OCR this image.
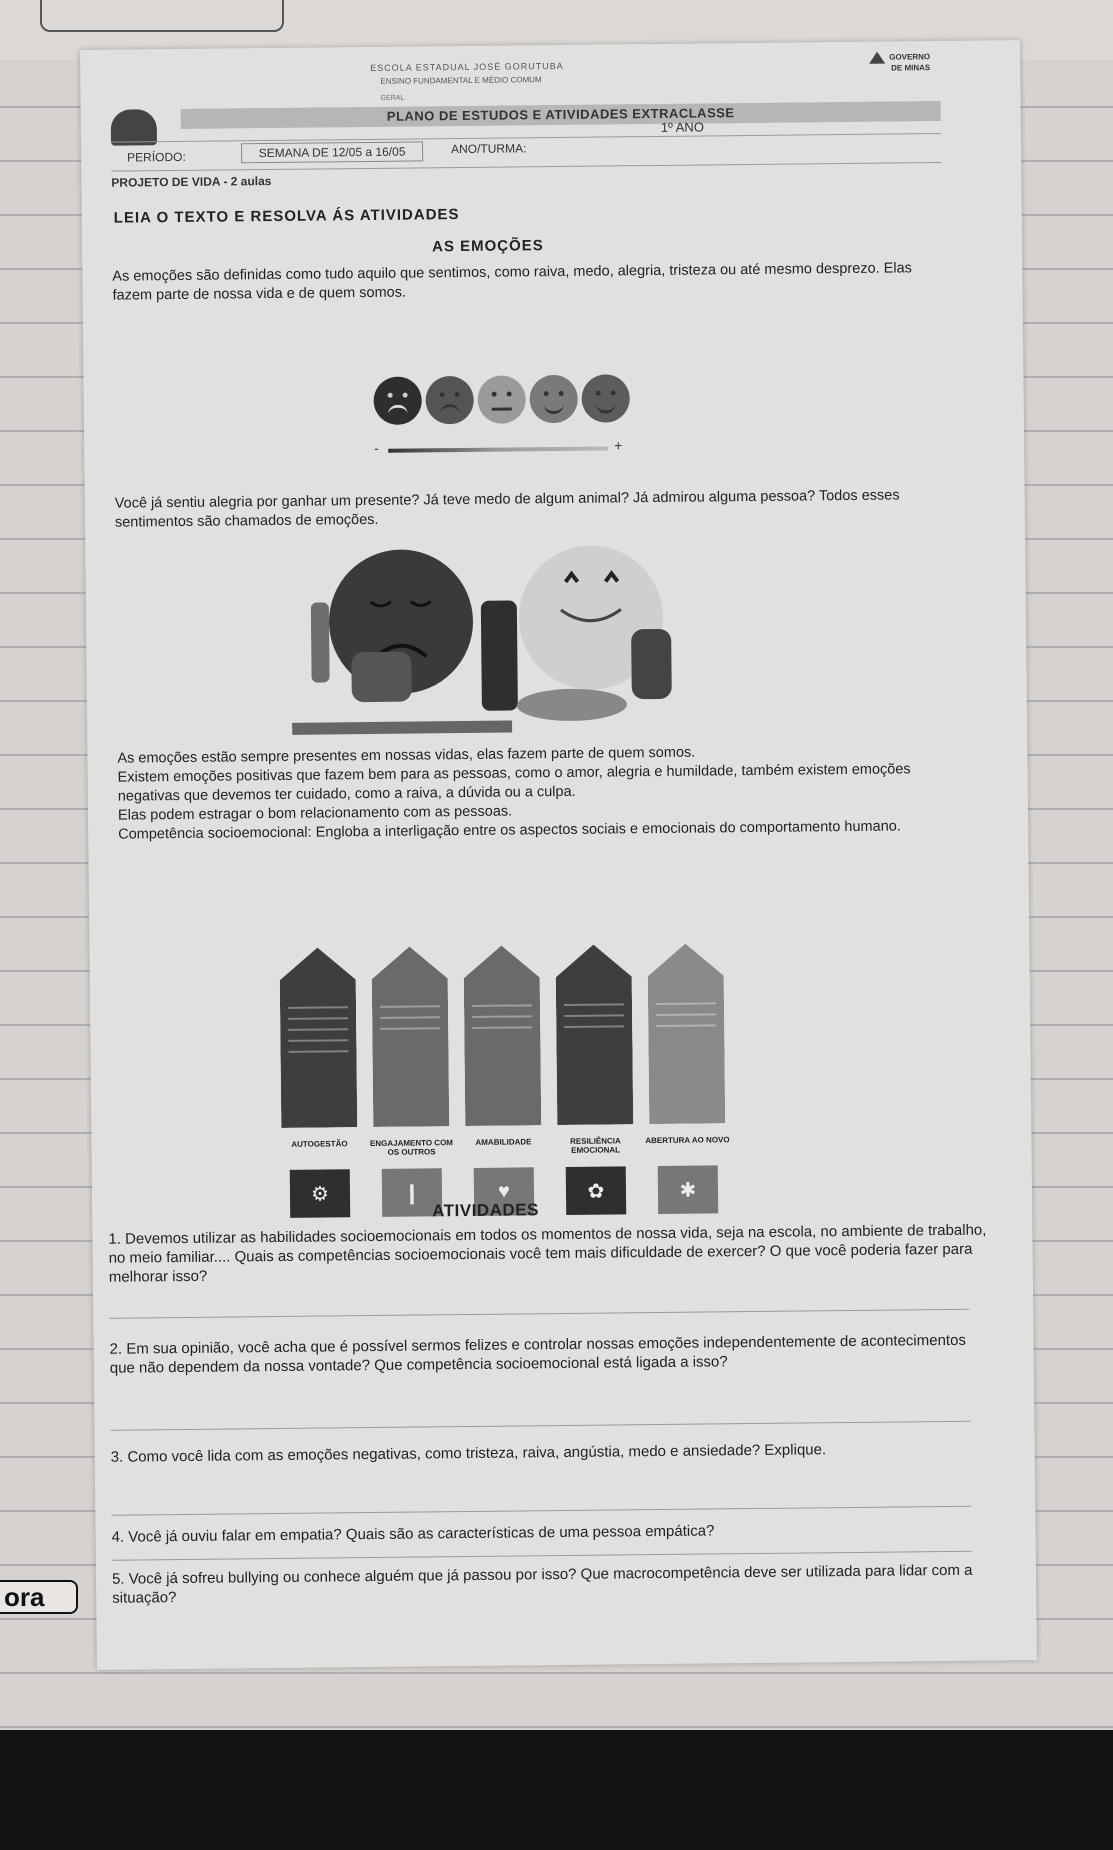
ora
ESCOLA ESTADUAL JOSÉ GORUTUBA
ENSINO FUNDAMENTAL E MÉDIO COMUM
GERAL
GOVERNO DE MINAS
PLANO DE ESTUDOS E ATIVIDADES EXTRACLASSE
1º ANO
PERÍODO:	SEMANA DE 12/05 a 16/05	ANO/TURMA:
PROJETO DE VIDA - 2 aulas
LEIA O TEXTO E RESOLVA ÁS ATIVIDADES
AS EMOÇÕES
As emoções são definidas como tudo aquilo que sentimos, como raiva, medo, alegria, tristeza ou até mesmo desprezo. Elas fazem parte de nossa vida e de quem somos.
-	+
Você já sentiu alegria por ganhar um presente? Já teve medo de algum animal? Já admirou alguma pessoa? Todos esses sentimentos são chamados de emoções.
As emoções estão sempre presentes em nossas vidas, elas fazem parte de quem somos.
Existem emoções positivas que fazem bem para as pessoas, como o amor, alegria e humildade, também existem emoções negativas que devemos ter cuidado, como a raiva, a dúvida ou a culpa.
Elas podem estragar o bom relacionamento com as pessoas.
Competência socioemocional: Engloba a interligação entre os aspectos sociais e emocionais do comportamento humano.
AUTOGESTÃO	ENGAJAMENTO COM OS OUTROS
AMABILIDADE	RESILIÊNCIA EMOCIONAL
ABERTURA AO NOVO
⚙	❙	♥	✿	✱
ATIVIDADES
1. Devemos utilizar as habilidades socioemocionais em todos os momentos de nossa vida, seja na escola, no ambiente de trabalho, no meio familiar.... Quais as competências socioemocionais você tem mais dificuldade de exercer? O que você poderia fazer para melhorar isso?
2. Em sua opinião, você acha que é possível sermos felizes e controlar nossas emoções independentemente de acontecimentos que não dependem da nossa vontade? Que competência socioemocional está ligada a isso?
3. Como você lida com as emoções negativas, como tristeza, raiva, angústia, medo e ansiedade? Explique.
4. Você já ouviu falar em empatia? Quais são as características de uma pessoa empática?
5. Você já sofreu bullying ou conhece alguém que já passou por isso? Que macrocompetência deve ser utilizada para lidar com a situação?
